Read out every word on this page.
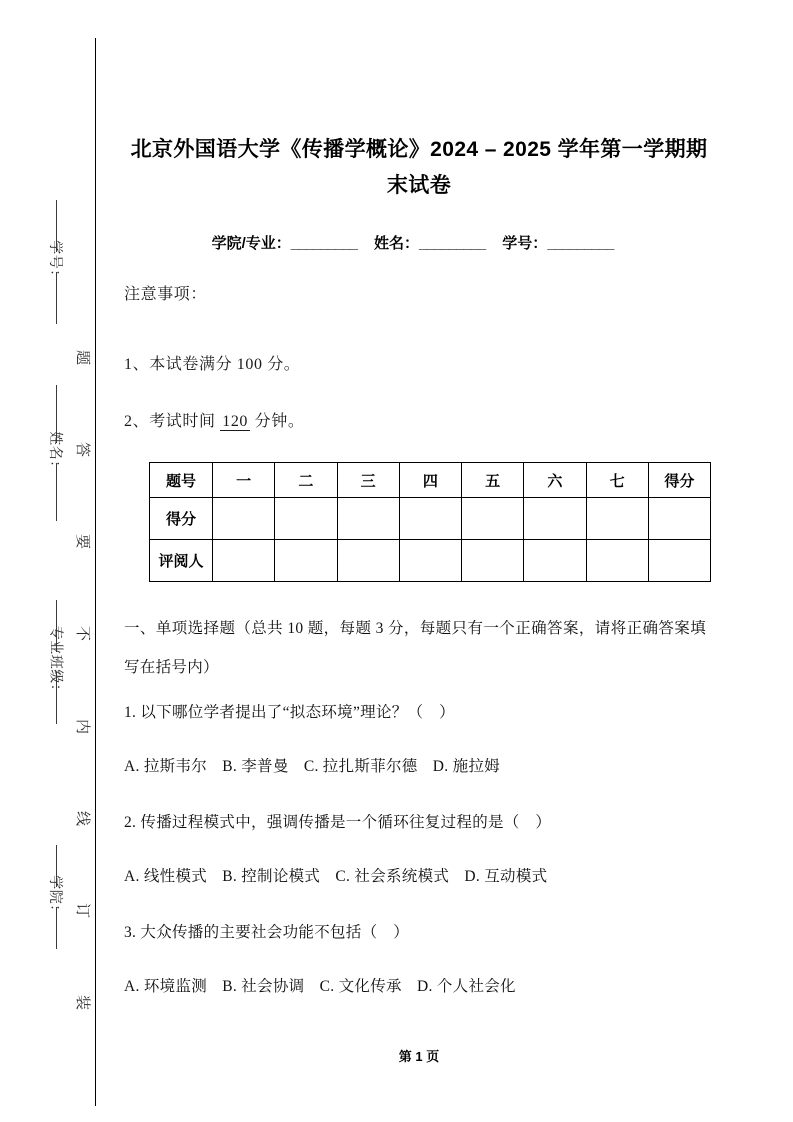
题
答
要
不
内
线
订
装
学号：
姓名：
专业班级：
学院：
北京外国语大学《传播学概论》2024 – 2025 学年第一学期期末试卷
学院/专业：_________ 姓名：_________ 学号：_________
注意事项：
1、本试卷满分 100 分。
2、考试时间 120 分钟。
题号	一	二	三	四	五	六	七	得分
得分								
评阅人								
一、单项选择题（总共 10 题，每题 3 分，每题只有一个正确答案，请将正确答案填写在括号内）
1. 以下哪位学者提出了“拟态环境”理论？（　）
A. 拉斯韦尔 B. 李普曼 C. 拉扎斯菲尔德 D. 施拉姆
2. 传播过程模式中，强调传播是一个循环往复过程的是（　）
A. 线性模式 B. 控制论模式 C. 社会系统模式 D. 互动模式
3. 大众传播的主要社会功能不包括（　）
A. 环境监测 B. 社会协调 C. 文化传承 D. 个人社会化
第 1 页
